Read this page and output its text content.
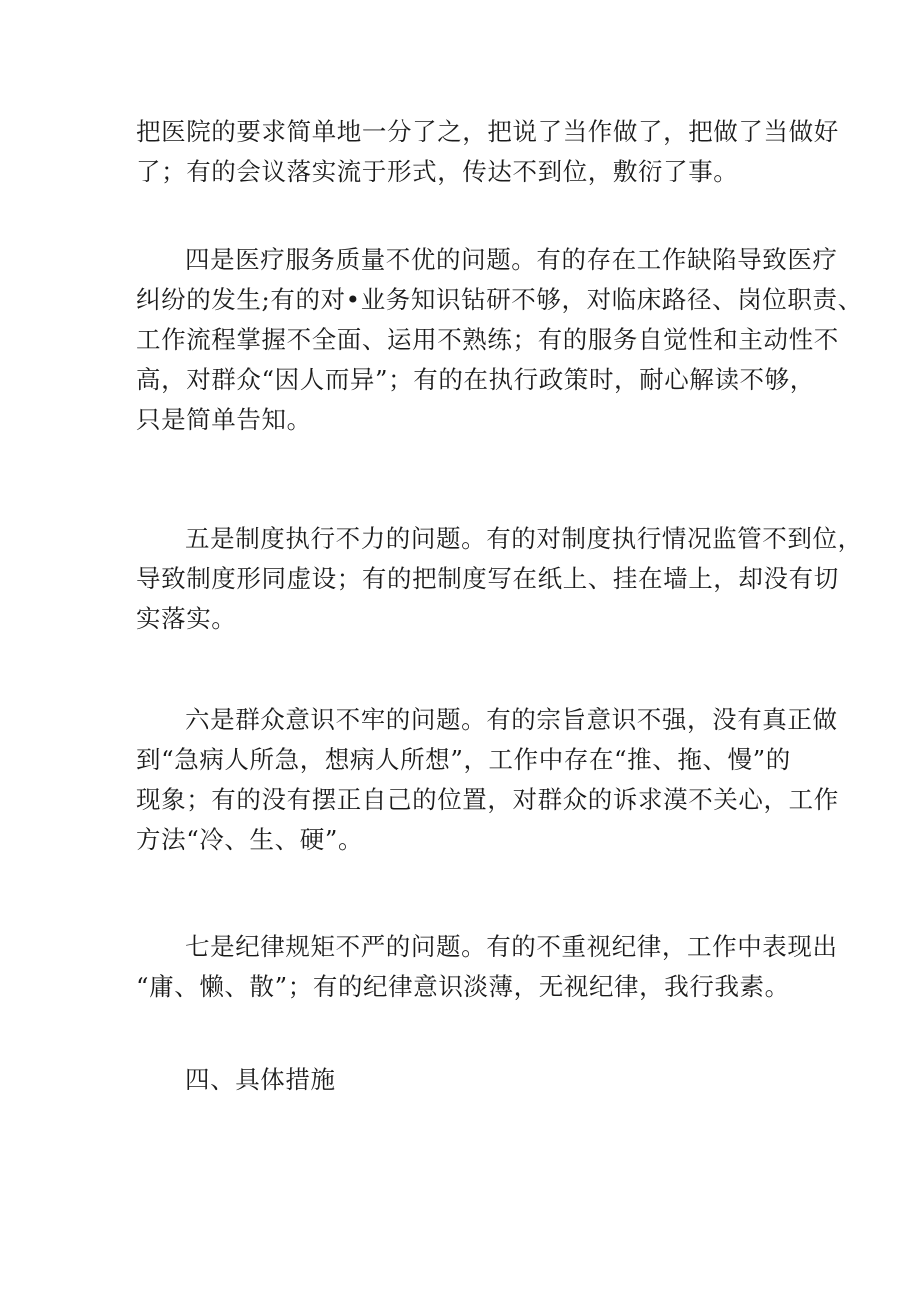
把医院的要求简单地一分了之，把说了当作做了，把做了当做好
了；有的会议落实流于形式，传达不到位，敷衍了事。
四是医疗服务质量不优的问题。有的存在工作缺陷导致医疗
纠纷的发生;有的对•业务知识钻研不够，对临床路径、岗位职责、
工作流程掌握不全面、运用不熟练；有的服务自觉性和主动性不
高，对群众“因人而异”；有的在执行政策时，耐心解读不够，
只是简单告知。
五是制度执行不力的问题。有的对制度执行情况监管不到位，
导致制度形同虚设；有的把制度写在纸上、挂在墙上，却没有切
实落实。
六是群众意识不牢的问题。有的宗旨意识不强，没有真正做
到“急病人所急，想病人所想”，工作中存在“推、拖、慢”的
现象；有的没有摆正自己的位置，对群众的诉求漠不关心，工作
方法“冷、生、硬”。
七是纪律规矩不严的问题。有的不重视纪律，工作中表现出
“庸、懒、散”；有的纪律意识淡薄，无视纪律，我行我素。
四、具体措施
